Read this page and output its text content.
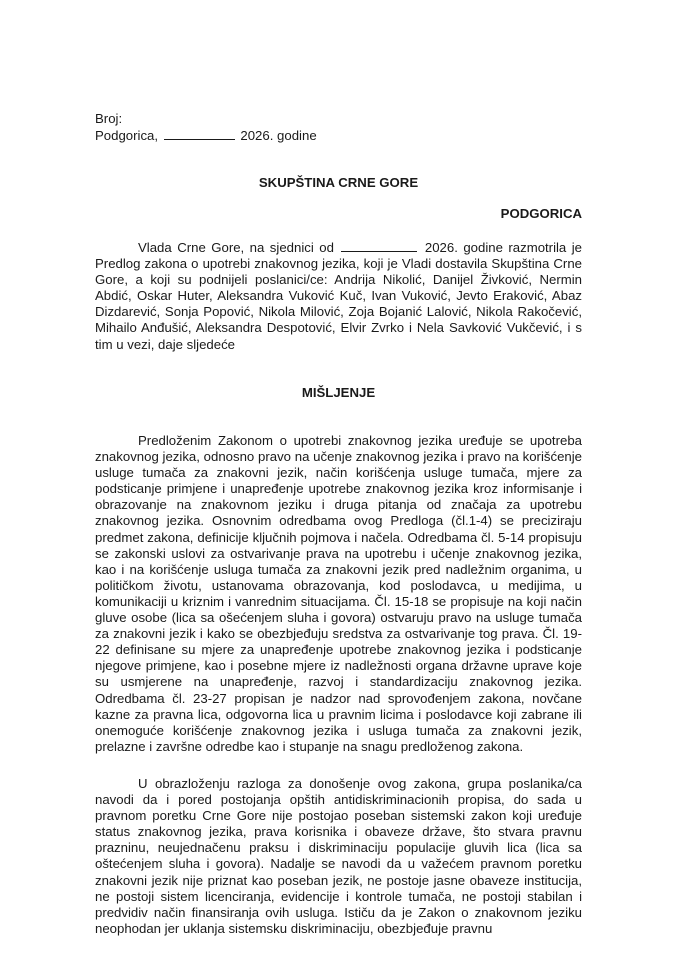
Broj:
Podgorica,	2026. godine
SKUPŠTINA CRNE GORE
PODGORICA

Vlada Crne Gore, na sjednici od	2026. godine razmotrila je Predlog zakona o upotrebi znakovnog jezika, koji je Vladi dostavila Skupština Crne Gore, a koji su podnijeli poslanici/ce: Andrija Nikolić, Danijel Živković, Nermin Abdić, Oskar Huter, Aleksandra Vuković Kuč, Ivan Vuković, Jevto Eraković, Abaz Dizdarević, Sonja Popović, Nikola Milović, Zoja Bojanić Lalović, Nikola Rakočević, Mihailo Anđušić, Aleksandra Despotović, Elvir Zvrko i Nela Savković Vukčević, i s tim u vezi, daje sljedeće

MIŠLJENJE

Predloženim Zakonom o upotrebi znakovnog jezika uređuje se upotreba znakovnog jezika, odnosno pravo na učenje znakovnog jezika i pravo na korišćenje usluge tumača za znakovni jezik, način korišćenja usluge tumača, mjere za podsticanje primjene i unapređenje upotrebe znakovnog jezika kroz informisanje i obrazovanje na znakovnom jeziku i druga pitanja od značaja za upotrebu znakovnog jezika. Osnovnim odredbama ovog Predloga (čl.1-4) se preciziraju predmet zakona, definicije ključnih pojmova i načela. Odredbama čl. 5-14 propisuju se zakonski uslovi za ostvarivanje prava na upotrebu i učenje znakovnog jezika, kao i na korišćenje usluga tumača za znakovni jezik pred nadležnim organima, u političkom životu, ustanovama obrazovanja, kod poslodavca, u medijima, u komunikaciji u kriznim i vanrednim situacijama. Čl. 15-18 se propisuje na koji način gluve osobe (lica sa ošećenjem sluha i govora) ostvaruju pravo na usluge tumača za znakovni jezik i kako se obezbjeđuju sredstva za ostvarivanje tog prava. Čl. 19-22 definisane su mjere za unapređenje upotrebe znakovnog jezika i podsticanje njegove primjene, kao i posebne mjere iz nadležnosti organa državne uprave koje su usmjerene na unapređenje, razvoj i standardizaciju znakovnog jezika. Odredbama čl. 23-27 propisan je nadzor nad sprovođenjem zakona, novčane kazne za pravna lica, odgovorna lica u pravnim licima i poslodavce koji zabrane ili onemoguće korišćenje znakovnog jezika i usluga tumača za znakovni jezik, prelazne i završne odredbe kao i stupanje na snagu predloženog zakona.

U obrazloženju razloga za donošenje ovog zakona, grupa poslanika/ca navodi da i pored postojanja opštih antidiskriminacionih propisa, do sada u pravnom poretku Crne Gore nije postojao poseban sistemski zakon koji uređuje status znakovnog jezika, prava korisnika i obaveze države, što stvara pravnu prazninu, neujednačenu praksu i diskriminaciju populacije gluvih lica (lica sa oštećenjem sluha i govora). Nadalje se navodi da u važećem pravnom poretku znakovni jezik nije priznat kao poseban jezik, ne postoje jasne obaveze institucija, ne postoji sistem licenciranja, evidencije i kontrole tumača, ne postoji stabilan i predvidiv način finansiranja ovih usluga. Ističu da je Zakon o znakovnom jeziku neophodan jer uklanja sistemsku diskriminaciju, obezbjeđuje pravnu
